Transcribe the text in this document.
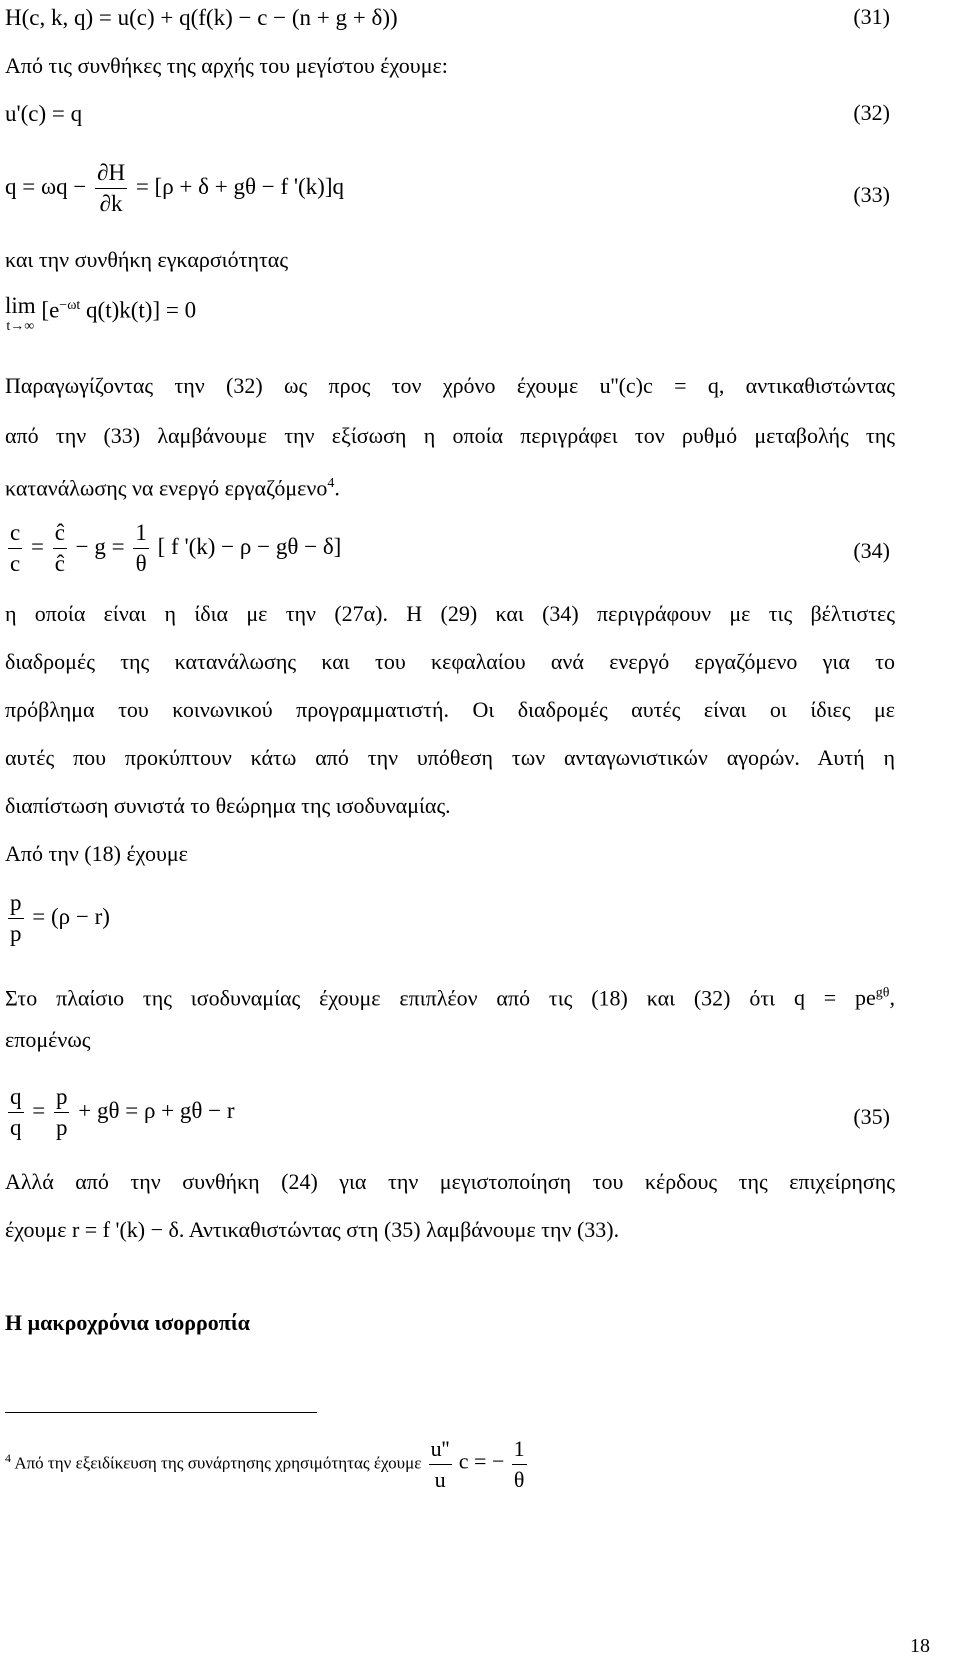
H(c, k, q) = u(c) + q(f(k) − c − (n + g + δ))	(31)
Από τις συνθήκες της αρχής του μεγίστου έχουμε:
u'(c) = q	(32)
$q = \omega q - \frac{\partial H}{\partial k} = [\rho + \delta + g\theta - f$ '(k)]q	(33)
και την συνθήκη εγκαρσιότητας
lim
t→∞
[$e^{-\omega t}$ q(t)k(t)] = 0
Παραγωγίζοντας την (32) ως προς τον χρόνο έχουμε u''(c)c = q, αντικαθιστώντας
από την (33) λαμβάνουμε την εξίσωση η οποία περιγράφει τον ρυθμό μεταβολής της
κατανάλωσης να ενεργό εργαζόμενο$^4$.
$\frac{c}{c} = \frac{ĉ}{ĉ} - g = \frac{1}{\theta}$ [ f '(k) − ρ − gθ − δ]	(34)
η οποία είναι η ίδια με την (27α). Η (29) και (34) περιγράφουν με τις βέλτιστες
διαδρομές της κατανάλωσης και του κεφαλαίου ανά ενεργό εργαζόμενο για το
πρόβλημα του κοινωνικού προγραμματιστή. Οι διαδρομές αυτές είναι οι ίδιες με
αυτές που προκύπτουν κάτω από την υπόθεση των ανταγωνιστικών αγορών. Αυτή η
διαπίστωση συνιστά το θεώρημα της ισοδυναμίας.
Από την (18) έχουμε
$\frac{p}{p} = (\rho - r)$
Στο πλαίσιο της ισοδυναμίας έχουμε επιπλέον από τις (18) και (32) ότι $q = pe^{g\theta}$,
επομένως
$\frac{q}{q} = \frac{p}{p} + g\theta = \rho + g\theta - r$	(35)
Αλλά από την συνθήκη (24) για την μεγιστοποίηση του κέρδους της επιχείρησης
έχουμε r = f '(k) − δ. Αντικαθιστώντας στη (35) λαμβάνουμε την (33).
Η μακροχρόνια ισορροπία
$^4$ Από την εξειδίκευση της συνάρτησης χρησιμότητας έχουμε $\frac{u''}{u}$ c = − $\frac{1}{\theta}$
18
